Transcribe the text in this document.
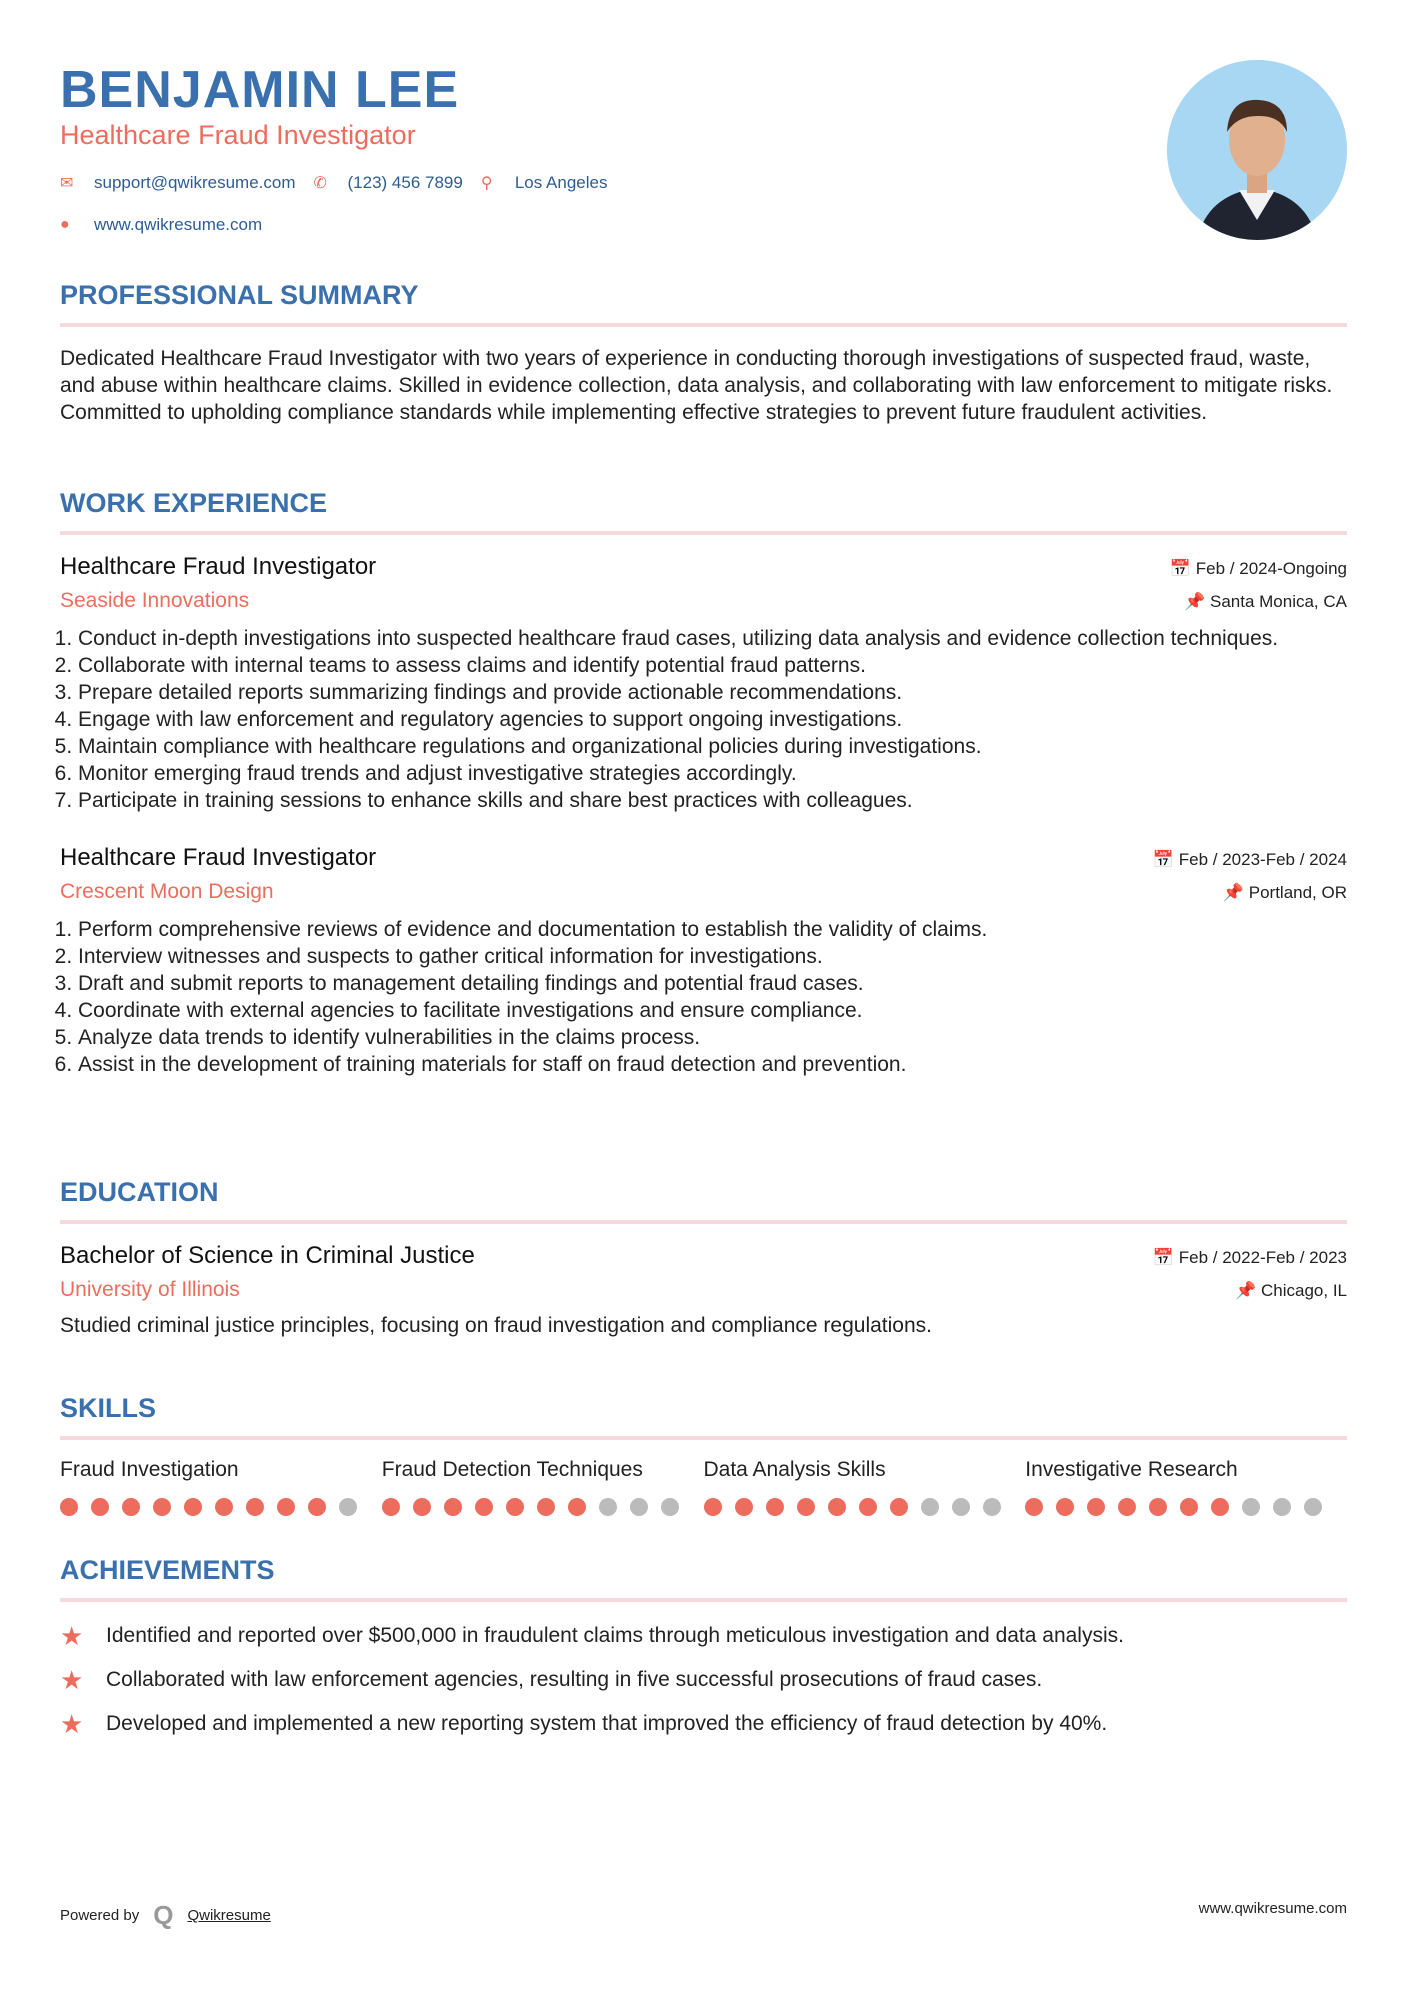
BENJAMIN LEE
Healthcare Fraud Investigator
✉	support@qwikresume.com ✆	(123) 456 7899 ⚲	Los Angeles
●	www.qwikresume.com
PROFESSIONAL SUMMARY

Dedicated Healthcare Fraud Investigator with two years of experience in conducting thorough investigations of suspected fraud, waste, and abuse within healthcare claims. Skilled in evidence collection, data analysis, and collaborating with law enforcement to mitigate risks. Committed to upholding compliance standards while implementing effective strategies to prevent future fraudulent activities.

WORK EXPERIENCE
Healthcare Fraud Investigator	📅 Feb / 2024-Ongoing
Seaside Innovations	📌 Santa Monica, CA
1. Conduct in-depth investigations into suspected healthcare fraud cases, utilizing data analysis and evidence collection techniques.
2. Collaborate with internal teams to assess claims and identify potential fraud patterns.
3. Prepare detailed reports summarizing findings and provide actionable recommendations.
4. Engage with law enforcement and regulatory agencies to support ongoing investigations.
5. Maintain compliance with healthcare regulations and organizational policies during investigations.
6. Monitor emerging fraud trends and adjust investigative strategies accordingly.
7. Participate in training sessions to enhance skills and share best practices with colleagues.
Healthcare Fraud Investigator	📅 Feb / 2023-Feb / 2024
Crescent Moon Design	📌 Portland, OR
1. Perform comprehensive reviews of evidence and documentation to establish the validity of claims.
2. Interview witnesses and suspects to gather critical information for investigations.
3. Draft and submit reports to management detailing findings and potential fraud cases.
4. Coordinate with external agencies to facilitate investigations and ensure compliance.
5. Analyze data trends to identify vulnerabilities in the claims process.
6. Assist in the development of training materials for staff on fraud detection and prevention.
EDUCATION
Bachelor of Science in Criminal Justice	📅 Feb / 2022-Feb / 2023
University of Illinois	📌 Chicago, IL

Studied criminal justice principles, focusing on fraud investigation and compliance regulations.

SKILLS
Fraud Investigation	Fraud Detection Techniques	Data Analysis Skills	Investigative Research
ACHIEVEMENTS
★	Identified and reported over $500,000 in fraudulent claims through meticulous investigation and data analysis.
★	Collaborated with law enforcement agencies, resulting in five successful prosecutions of fraud cases.
★	Developed and implemented a new reporting system that improved the efficiency of fraud detection by 40%.
Powered by Q Qwikresume	www.qwikresume.com
